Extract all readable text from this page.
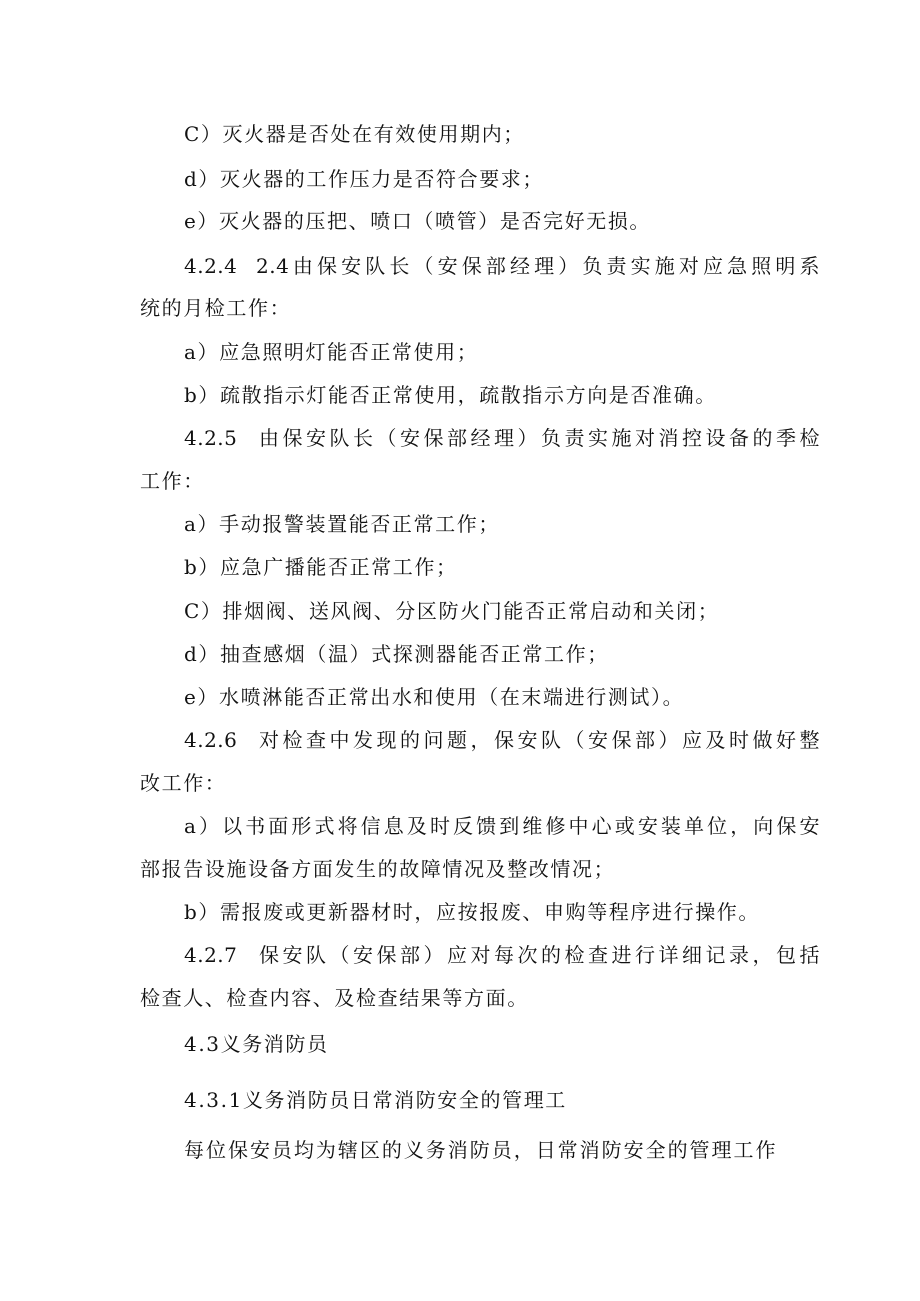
C）灭火器是否处在有效使用期内；
d）灭火器的工作压力是否符合要求；
e）灭火器的压把、喷口（喷管）是否完好无损。
4.2.4 2.4由保安队长（安保部经理）负责实施对应急照明系
统的月检工作：
a）应急照明灯能否正常使用；
b）疏散指示灯能否正常使用，疏散指示方向是否准确。
4.2.5 由保安队长（安保部经理）负责实施对消控设备的季检
工作：
a）手动报警装置能否正常工作；
b）应急广播能否正常工作；
C）排烟阀、送风阀、分区防火门能否正常启动和关闭；
d）抽查感烟（温）式探测器能否正常工作；
e）水喷淋能否正常出水和使用（在末端进行测试）。
4.2.6 对检查中发现的问题，保安队（安保部）应及时做好整
改工作：
a）以书面形式将信息及时反馈到维修中心或安装单位，向保安
部报告设施设备方面发生的故障情况及整改情况；
b）需报废或更新器材时，应按报废、申购等程序进行操作。
4.2.7 保安队（安保部）应对每次的检查进行详细记录，包括
检查人、检查内容、及检查结果等方面。
4.3义务消防员
4.3.1义务消防员日常消防安全的管理工
每位保安员均为辖区的义务消防员，日常消防安全的管理工作
